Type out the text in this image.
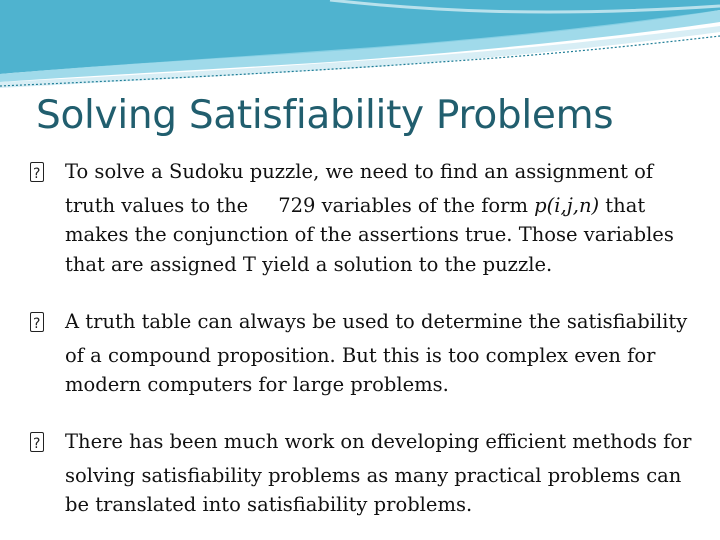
Solving Satisfiability Problems
?To solve a Sudoku puzzle, we need to find an assignment of truth values to the 729 variables of the form p(i,j,n) that makes the conjunction of the assertions true. Those variables that are assigned T yield a solution to the puzzle.
?A truth table can always be used to determine the satisfiability of a compound proposition. But this is too complex even for modern computers for large problems.
?There has been much work on developing efficient methods for solving satisfiability problems as many practical problems can be translated into satisfiability problems.
